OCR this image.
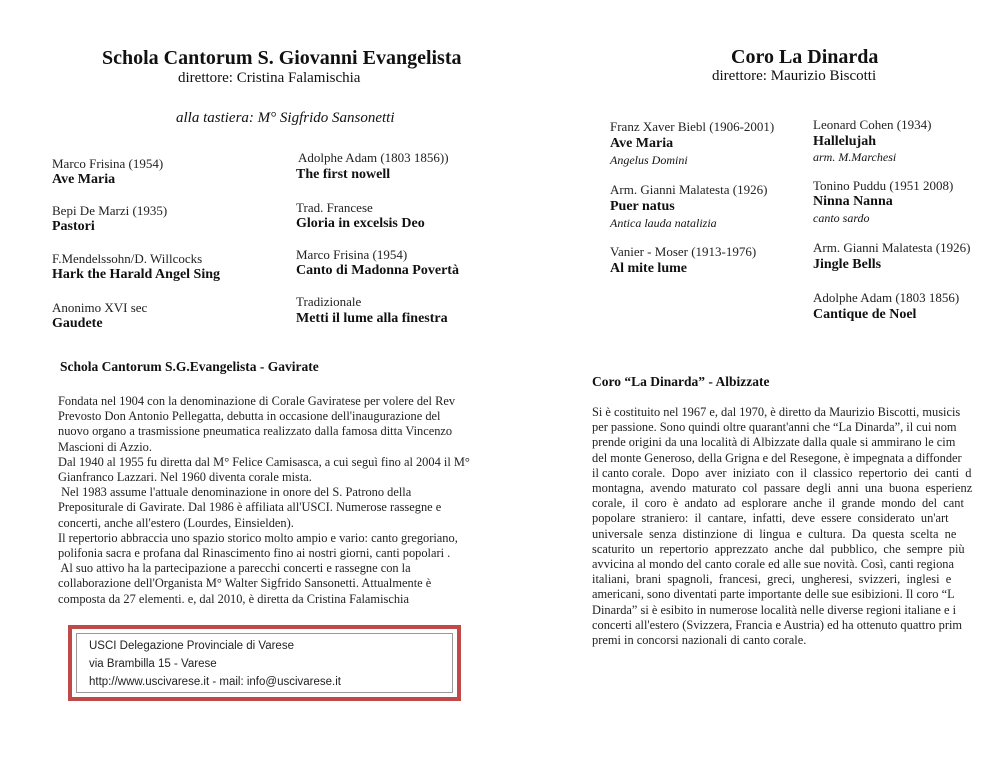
Schola Cantorum S. Giovanni Evangelista
direttore: Cristina Falamischia
alla tastiera: M° Sigfrido Sansonetti
Marco Frisina (1954)
Ave Maria
Bepi De Marzi (1935)
Pastori
F.Mendelssohn/D. Willcocks
Hark the Harald Angel Sing
Anonimo XVI sec
Gaudete
Adolphe Adam (1803 1856))
The first nowell
Trad. Francese
Gloria in excelsis Deo
Marco Frisina (1954)
Canto di Madonna Povertà
Tradizionale
Metti il lume alla finestra
Schola Cantorum S.G.Evangelista - Gavirate

Fondata nel 1904 con la denominazione di Corale Gaviratese per volere del Rev

Prevosto Don Antonio Pellegatta, debutta in occasione dell'inaugurazione del

nuovo organo a trasmissione pneumatica realizzato dalla famosa ditta Vincenzo

Mascioni di Azzio.

Dal 1940 al 1955 fu diretta dal M° Felice Camisasca, a cui seguì fino al 2004 il M°

Gianfranco Lazzari. Nel 1960 diventa corale mista.

Nel 1983 assume l'attuale denominazione in onore del S. Patrono della

Prepositurale di Gavirate. Dal 1986 è affiliata all'USCI. Numerose rassegne e

concerti, anche all'estero (Lourdes, Einsielden).

Il repertorio abbraccia uno spazio storico molto ampio e vario: canto gregoriano,

polifonia sacra e profana dal Rinascimento fino ai nostri giorni, canti popolari .

Al suo attivo ha la partecipazione a parecchi concerti e rassegne con la

collaborazione dell'Organista M° Walter Sigfrido Sansonetti. Attualmente è

composta da 27 elementi. e, dal 2010, è diretta da Cristina Falamischia

USCI Delegazione Provinciale di Varese
via Brambilla 15 - Varese
http://www.uscivarese.it - mail: info@uscivarese.it
Coro La Dinarda
direttore: Maurizio Biscotti
Franz Xaver Biebl (1906-2001)
Ave Maria
Angelus Domini
Arm. Gianni Malatesta (1926)
Puer natus
Antica lauda natalizia
Vanier - Moser (1913-1976)
Al mite lume
Leonard Cohen (1934)
Hallelujah
arm. M.Marchesi
Tonino Puddu (1951 2008)
Ninna Nanna
canto sardo
Arm. Gianni Malatesta (1926)
Jingle Bells
Adolphe Adam (1803 1856)
Cantique de Noel
Coro “La Dinarda” - Albizzate

Si è costituito nel 1967 e, dal 1970, è diretto da Maurizio Biscotti, musicis

per passione. Sono quindi oltre quarant'anni che “La Dinarda”, il cui nom

prende origini da una località di Albizzate dalla quale si ammirano le cim

del monte Generoso, della Grigna e del Resegone, è impegnata a diffonder

il canto corale.  Dopo  aver  iniziato  con  il  classico  repertorio  dei  canti  d

montagna,  avendo  maturato  col  passare  degli  anni  una  buona  esperienz

corale,  il  coro  è  andato  ad  esplorare  anche  il  grande  mondo  del  cant

popolare  straniero:  il  cantare,  infatti,  deve  essere  considerato  un'art

universale  senza  distinzione  di  lingua  e  cultura.  Da  questa  scelta  ne

scaturito  un  repertorio  apprezzato  anche  dal  pubblico,  che  sempre  più

avvicina al mondo del canto corale ed alle sue novità. Così, canti regiona

italiani,  brani  spagnoli,  francesi,  greci,  ungheresi,  svizzeri,  inglesi  e

americani, sono diventati parte importante delle sue esibizioni. Il coro “L

Dinarda” si è esibito in numerose località nelle diverse regioni italiane e i

concerti all'estero (Svizzera, Francia e Austria) ed ha ottenuto quattro prim

premi in concorsi nazionali di canto corale.
